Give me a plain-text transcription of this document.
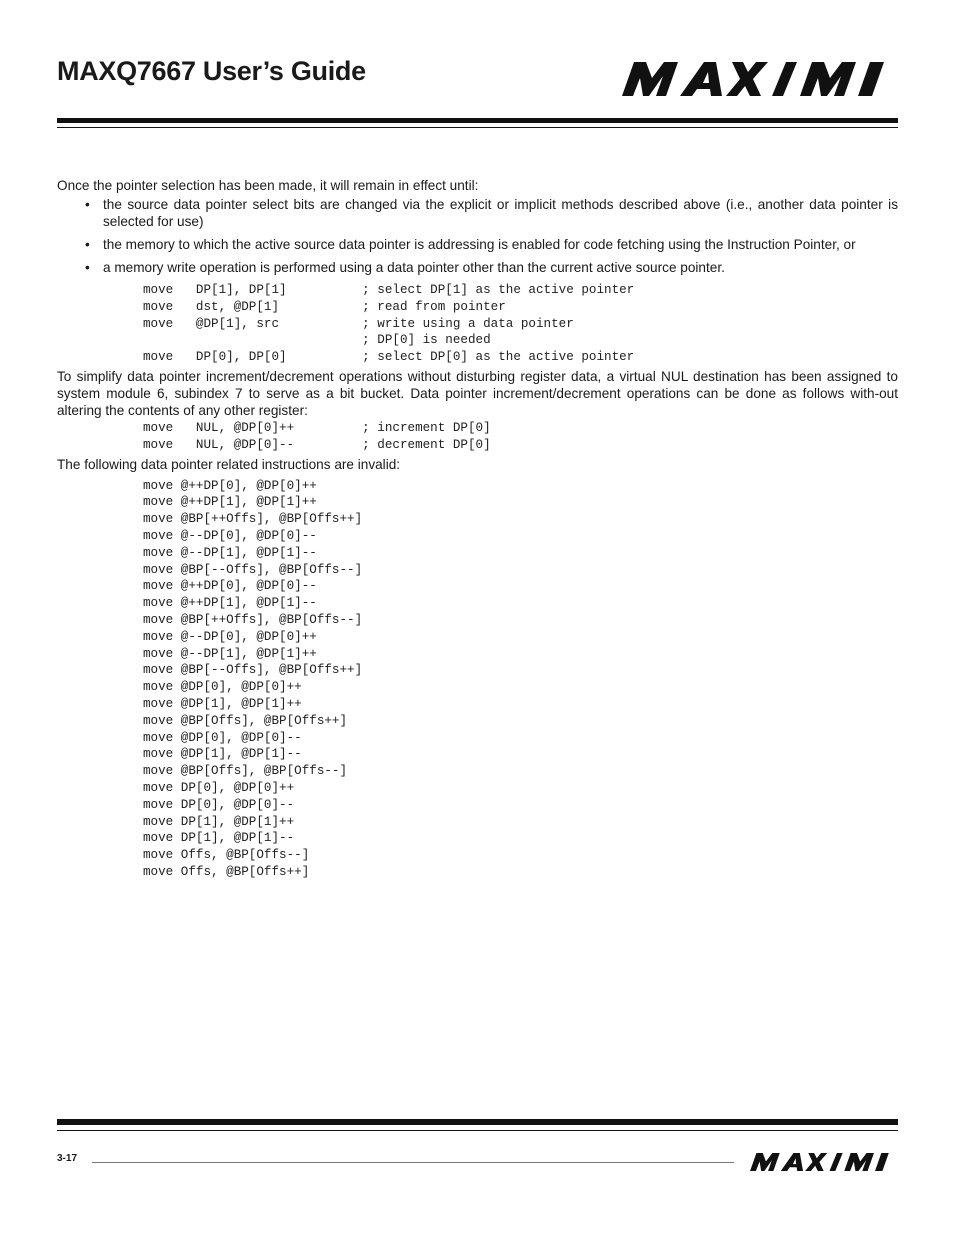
MAXQ7667 User’s Guide

Once the pointer selection has been made, it will remain in effect until:

• the source data pointer select bits are changed via the explicit or implicit methods described above (i.e., another data pointer is selected for use)
• the memory to which the active source data pointer is addressing is enabled for code fetching using the Instruction Pointer, or
• a memory write operation is performed using a data pointer other than the current active source pointer.
move   DP[1], DP[1]          ; select DP[1] as the active pointer
move   dst, @DP[1]           ; read from pointer
move   @DP[1], src           ; write using a data pointer
; DP[0] is needed
move   DP[0], DP[0]          ; select DP[0] as the active pointer

To simplify data pointer increment/decrement operations without disturbing register data, a virtual NUL destination has been assigned to system module 6, subindex 7 to serve as a bit bucket. Data pointer increment/decrement operations can be done as follows with-out altering the contents of any other register:

move   NUL, @DP[0]++         ; increment DP[0]
move   NUL, @DP[0]--         ; decrement DP[0]

The following data pointer related instructions are invalid:

move @++DP[0], @DP[0]++
move @++DP[1], @DP[1]++
move @BP[++Offs], @BP[Offs++]
move @--DP[0], @DP[0]--
move @--DP[1], @DP[1]--
move @BP[--Offs], @BP[Offs--]
move @++DP[0], @DP[0]--
move @++DP[1], @DP[1]--
move @BP[++Offs], @BP[Offs--]
move @--DP[0], @DP[0]++
move @--DP[1], @DP[1]++
move @BP[--Offs], @BP[Offs++]
move @DP[0], @DP[0]++
move @DP[1], @DP[1]++
move @BP[Offs], @BP[Offs++]
move @DP[0], @DP[0]--
move @DP[1], @DP[1]--
move @BP[Offs], @BP[Offs--]
move DP[0], @DP[0]++
move DP[0], @DP[0]--
move DP[1], @DP[1]++
move DP[1], @DP[1]--
move Offs, @BP[Offs--]
move Offs, @BP[Offs++]
3-17
